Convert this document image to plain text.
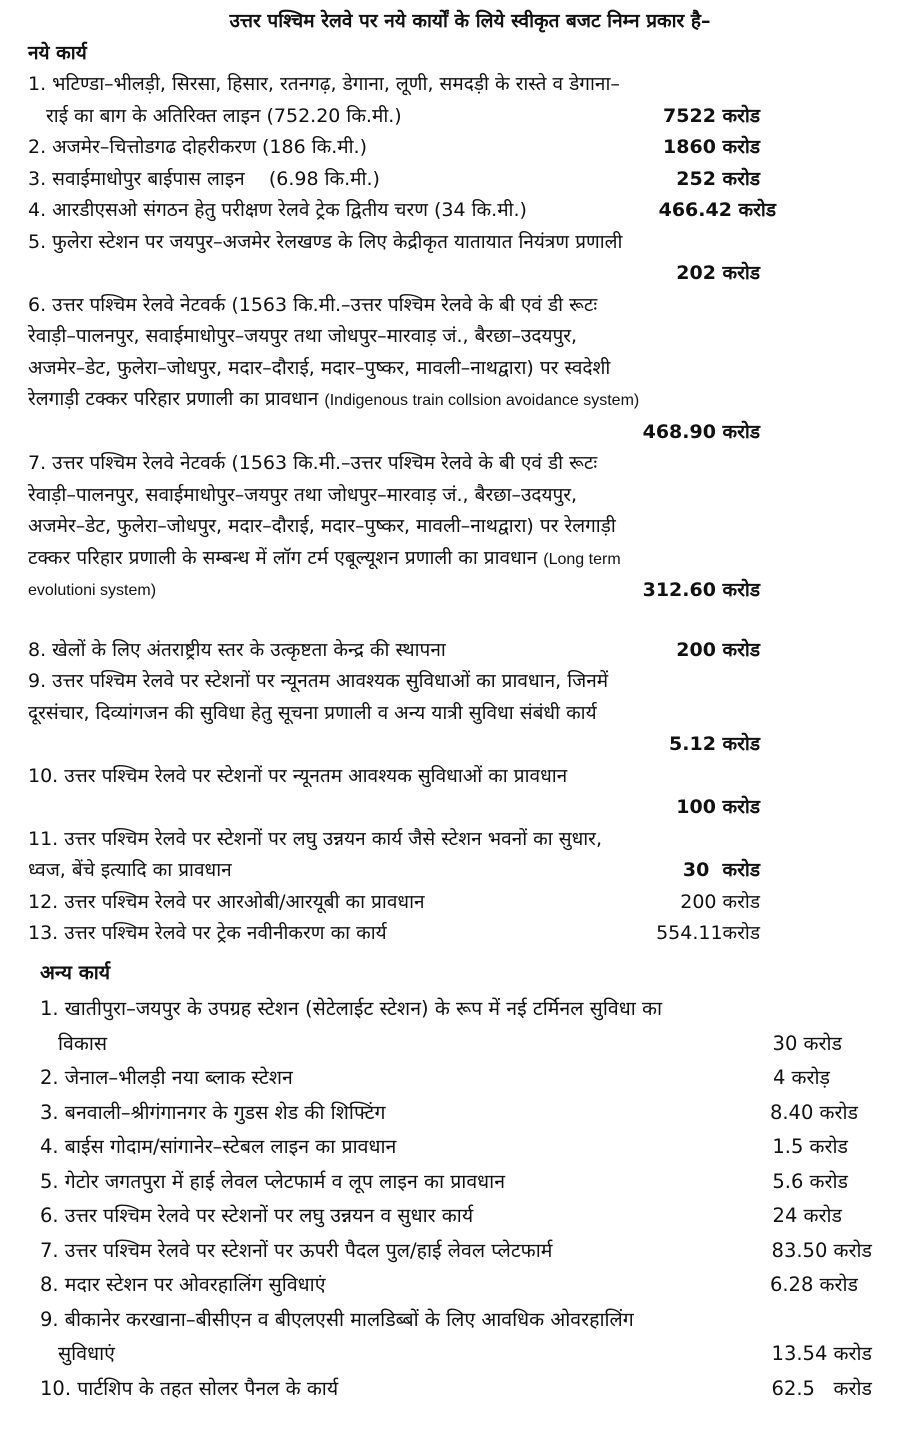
उत्तर पश्चिम रेलवे पर नये कार्यों के लिये स्वीकृत बजट निम्न प्रकार है–

नये कार्य

1. भटिण्डा–भीलड़ी, सिरसा, हिसार, रतनगढ़, डेगाना, लूणी, समदड़ी के रास्ते व डेगाना–
राई का बाग के अतिरिक्त लाइन (752.20 कि.मी.)	7522 करोड
2. अजमेर–चित्तोडगढ दोहरीकरण (186 कि.मी.)	1860 करोड
3. सवाईमाधोपुर बाईपास लाइन    (6.98 कि.मी.)	252 करोड
4. आरडीएसओ संगठन हेतु परीक्षण रेलवे ट्रेक द्वितीय चरण (34 कि.मी.)	466.42 करोड
5. फुलेरा स्टेशन पर जयपुर–अजमेर रेलखण्ड के लिए केद्रीकृत यातायात नियंत्रण प्रणाली
202 करोड
6. उत्तर पश्चिम रेलवे नेटवर्क (1563 कि.मी.–उत्तर पश्चिम रेलवे के बी एवं डी रूटः
रेवाड़ी–पालनपुर, सवाईमाधोपुर–जयपुर तथा जोधपुर–मारवाड़ जं., बैरछा–उदयपुर,
अजमेर–डेट, फुलेरा–जोधपुर, मदार–दौराई, मदार–पुष्कर, मावली–नाथद्वारा) पर स्वदेशी
रेलगाड़ी टक्कर परिहार प्रणाली का प्रावधान (Indigenous train collsion avoidance system)
468.90 करोड
7. उत्तर पश्चिम रेलवे नेटवर्क (1563 कि.मी.–उत्तर पश्चिम रेलवे के बी एवं डी रूटः
रेवाड़ी–पालनपुर, सवाईमाधोपुर–जयपुर तथा जोधपुर–मारवाड़ जं., बैरछा–उदयपुर,
अजमेर–डेट, फुलेरा–जोधपुर, मदार–दौराई, मदार–पुष्कर, मावली–नाथद्वारा) पर रेलगाड़ी
टक्कर परिहार प्रणाली के सम्बन्ध में लॉग टर्म एबूल्यूशन प्रणाली का प्रावधान (Long term
evolutioni system)	312.60 करोड
8. खेलों के लिए अंतराष्ट्रीय स्तर के उत्कृष्टता केन्द्र की स्थापना	200 करोड
9. उत्तर पश्चिम रेलवे पर स्टेशनों पर न्यूनतम आवश्यक सुविधाओं का प्रावधान, जिनमें
दूरसंचार, दिव्यांगजन की सुविधा हेतु सूचना प्रणाली व अन्य यात्री सुविधा संबंधी कार्य
5.12 करोड
10. उत्तर पश्चिम रेलवे पर स्टेशनों पर न्यूनतम आवश्यक सुविधाओं का प्रावधान
100 करोड
11. उत्तर पश्चिम रेलवे पर स्टेशनों पर लघु उन्नयन कार्य जैसे स्टेशन भवनों का सुधार,
ध्वज, बेंचे इत्यादि का प्रावधान	30  करोड
12. उत्तर पश्चिम रेलवे पर आरओबी/आरयूबी का प्रावधान	200 करोड
13. उत्तर पश्चिम रेलवे पर ट्रेक नवीनीकरण का कार्य	554.11करोड

अन्य कार्य

1. खातीपुरा–जयपुर के उपग्रह स्टेशन (सेटेलाईट स्टेशन) के रूप में नई टर्मिनल सुविधा का
विकास	30 करोड
2. जेनाल–भीलड़ी नया ब्लाक स्टेशन	4 करोड़
3. बनवाली–श्रीगंगानगर के गुडस शेड की शिफ्टिंग	8.40 करोड
4. बाईस गोदाम/सांगानेर–स्टेबल लाइन का प्रावधान	1.5 करोड
5. गेटोर जगतपुरा में हाई लेवल प्लेटफार्म व लूप लाइन का प्रावधान	5.6 करोड
6. उत्तर पश्चिम रेलवे पर स्टेशनों पर लघु उन्नयन व सुधार कार्य	24 करोड
7. उत्तर पश्चिम रेलवे पर स्टेशनों पर ऊपरी पैदल पुल/हाई लेवल प्लेटफार्म	83.50 करोड
8. मदार स्टेशन पर ओवरहालिंग सुविधाएं	6.28 करोड
9. बीकानेर करखाना–बीसीएन व बीएलएसी मालडिब्बों के लिए आवधिक ओवरहालिंग
सुविधाएं	13.54 करोड
10. पार्टशिप के तहत सोलर पैनल के कार्य	62.5   करोड
